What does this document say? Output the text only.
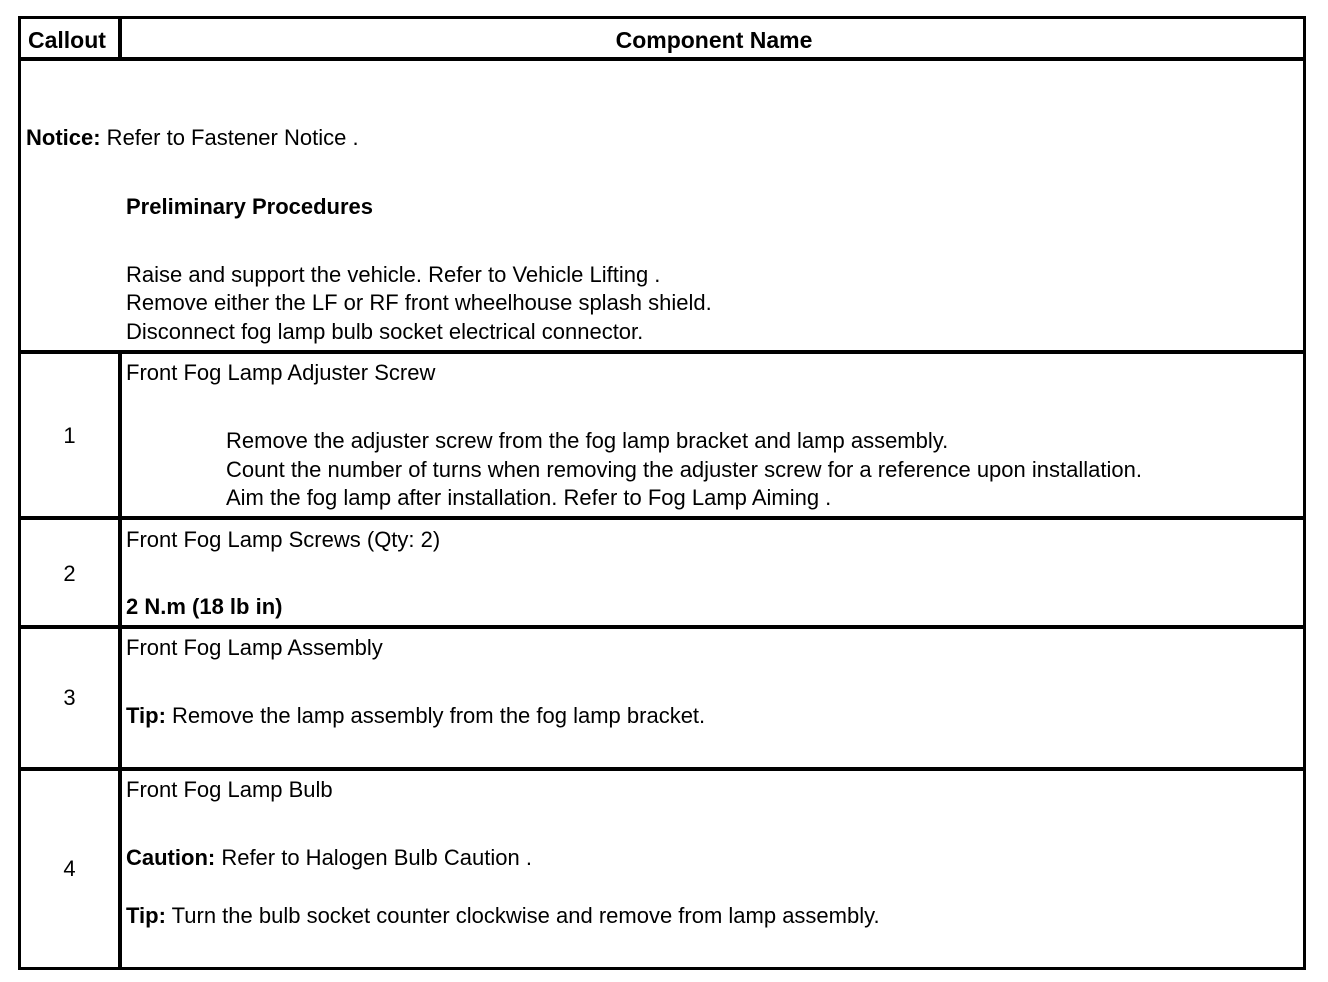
Callout	Component Name
Notice: Refer to Fastener Notice .
Preliminary Procedures
Raise and support the vehicle. Refer to Vehicle Lifting .
Remove either the LF or RF front wheelhouse splash shield.
Disconnect fog lamp bulb socket electrical connector.
1
Front Fog Lamp Adjuster Screw
Remove the adjuster screw from the fog lamp bracket and lamp assembly.
Count the number of turns when removing the adjuster screw for a reference upon installation.
Aim the fog lamp after installation. Refer to Fog Lamp Aiming .
2
Front Fog Lamp Screws (Qty: 2)
2 N.m (18 lb in)
3
Front Fog Lamp Assembly
Tip: Remove the lamp assembly from the fog lamp bracket.
4
Front Fog Lamp Bulb
Caution: Refer to Halogen Bulb Caution .
Tip: Turn the bulb socket counter clockwise and remove from lamp assembly.
